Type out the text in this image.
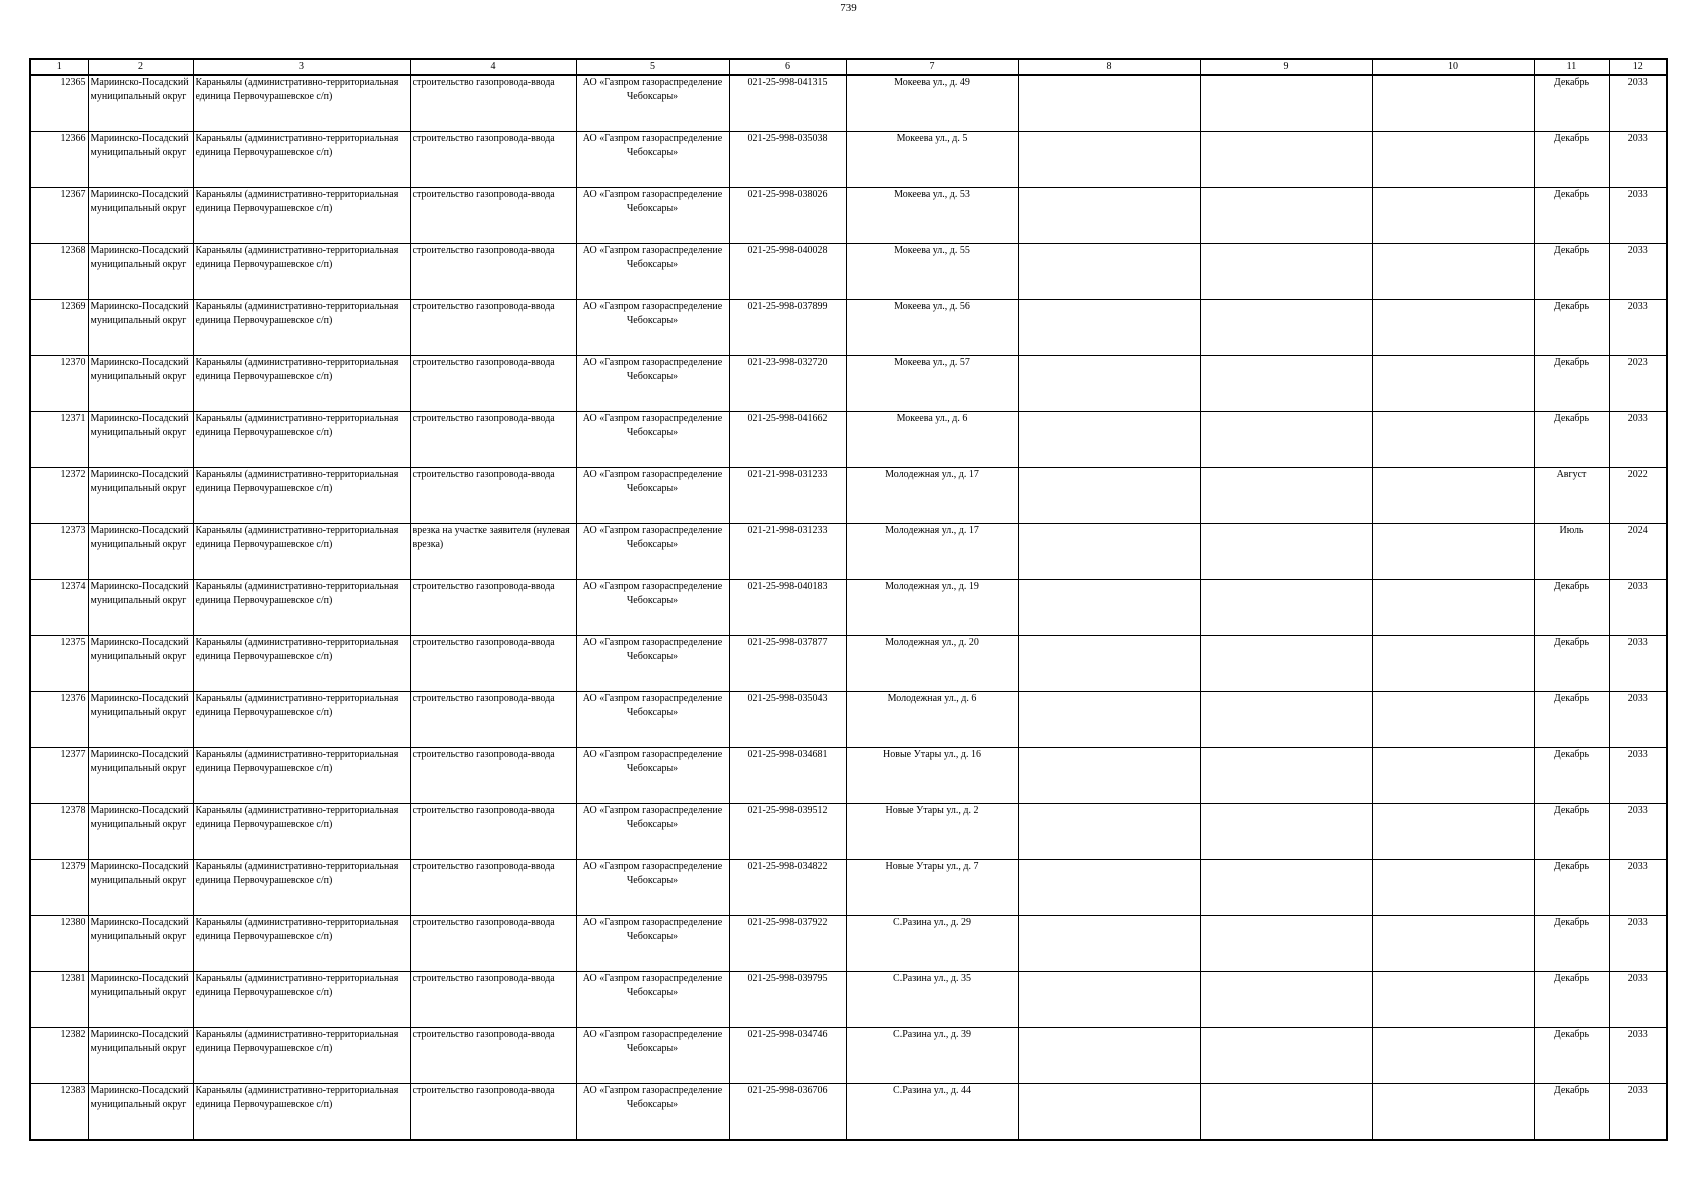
739
1	2	3	4	5	6	7	8	9	10	11	12

12365	Мариинско-Посадский муниципальный округ	Караньялы (административно-территориальная единица Первочурашевское с/п)	строительство газопровода-ввода	АО «Газпром газораспределение Чебоксары»	021-25-998-041315	Мокеева ул., д. 49				Декабрь	2033

12366	Мариинско-Посадский муниципальный округ	Караньялы (административно-территориальная единица Первочурашевское с/п)	строительство газопровода-ввода	АО «Газпром газораспределение Чебоксары»	021-25-998-035038	Мокеева ул., д. 5				Декабрь	2033

12367	Мариинско-Посадский муниципальный округ	Караньялы (административно-территориальная единица Первочурашевское с/п)	строительство газопровода-ввода	АО «Газпром газораспределение Чебоксары»	021-25-998-038026	Мокеева ул., д. 53				Декабрь	2033

12368	Мариинско-Посадский муниципальный округ	Караньялы (административно-территориальная единица Первочурашевское с/п)	строительство газопровода-ввода	АО «Газпром газораспределение Чебоксары»	021-25-998-040028	Мокеева ул., д. 55				Декабрь	2033

12369	Мариинско-Посадский муниципальный округ	Караньялы (административно-территориальная единица Первочурашевское с/п)	строительство газопровода-ввода	АО «Газпром газораспределение Чебоксары»	021-25-998-037899	Мокеева ул., д. 56				Декабрь	2033

12370	Мариинско-Посадский муниципальный округ	Караньялы (административно-территориальная единица Первочурашевское с/п)	строительство газопровода-ввода	АО «Газпром газораспределение Чебоксары»	021-23-998-032720	Мокеева ул., д. 57				Декабрь	2023

12371	Мариинско-Посадский муниципальный округ	Караньялы (административно-территориальная единица Первочурашевское с/п)	строительство газопровода-ввода	АО «Газпром газораспределение Чебоксары»	021-25-998-041662	Мокеева ул., д. 6				Декабрь	2033

12372	Мариинско-Посадский муниципальный округ	Караньялы (административно-территориальная единица Первочурашевское с/п)	строительство газопровода-ввода	АО «Газпром газораспределение Чебоксары»	021-21-998-031233	Молодежная ул., д. 17				Август	2022

12373	Мариинско-Посадский муниципальный округ	Караньялы (административно-территориальная единица Первочурашевское с/п)	врезка на участке заявителя (нулевая врезка)	АО «Газпром газораспределение Чебоксары»	021-21-998-031233	Молодежная ул., д. 17				Июль	2024

12374	Мариинско-Посадский муниципальный округ	Караньялы (административно-территориальная единица Первочурашевское с/п)	строительство газопровода-ввода	АО «Газпром газораспределение Чебоксары»	021-25-998-040183	Молодежная ул., д. 19				Декабрь	2033

12375	Мариинско-Посадский муниципальный округ	Караньялы (административно-территориальная единица Первочурашевское с/п)	строительство газопровода-ввода	АО «Газпром газораспределение Чебоксары»	021-25-998-037877	Молодежная ул., д. 20				Декабрь	2033

12376	Мариинско-Посадский муниципальный округ	Караньялы (административно-территориальная единица Первочурашевское с/п)	строительство газопровода-ввода	АО «Газпром газораспределение Чебоксары»	021-25-998-035043	Молодежная ул., д. 6				Декабрь	2033

12377	Мариинско-Посадский муниципальный округ	Караньялы (административно-территориальная единица Первочурашевское с/п)	строительство газопровода-ввода	АО «Газпром газораспределение Чебоксары»	021-25-998-034681	Новые Утары ул., д. 16				Декабрь	2033

12378	Мариинско-Посадский муниципальный округ	Караньялы (административно-территориальная единица Первочурашевское с/п)	строительство газопровода-ввода	АО «Газпром газораспределение Чебоксары»	021-25-998-039512	Новые Утары ул., д. 2				Декабрь	2033

12379	Мариинско-Посадский муниципальный округ	Караньялы (административно-территориальная единица Первочурашевское с/п)	строительство газопровода-ввода	АО «Газпром газораспределение Чебоксары»	021-25-998-034822	Новые Утары ул., д. 7				Декабрь	2033

12380	Мариинско-Посадский муниципальный округ	Караньялы (административно-территориальная единица Первочурашевское с/п)	строительство газопровода-ввода	АО «Газпром газораспределение Чебоксары»	021-25-998-037922	С.Разина ул., д. 29				Декабрь	2033

12381	Мариинско-Посадский муниципальный округ	Караньялы (административно-территориальная единица Первочурашевское с/п)	строительство газопровода-ввода	АО «Газпром газораспределение Чебоксары»	021-25-998-039795	С.Разина ул., д. 35				Декабрь	2033

12382	Мариинско-Посадский муниципальный округ	Караньялы (административно-территориальная единица Первочурашевское с/п)	строительство газопровода-ввода	АО «Газпром газораспределение Чебоксары»	021-25-998-034746	С.Разина ул., д. 39				Декабрь	2033

12383	Мариинско-Посадский муниципальный округ	Караньялы (административно-территориальная единица Первочурашевское с/п)	строительство газопровода-ввода	АО «Газпром газораспределение Чебоксары»	021-25-998-036706	С.Разина ул., д. 44				Декабрь	2033
